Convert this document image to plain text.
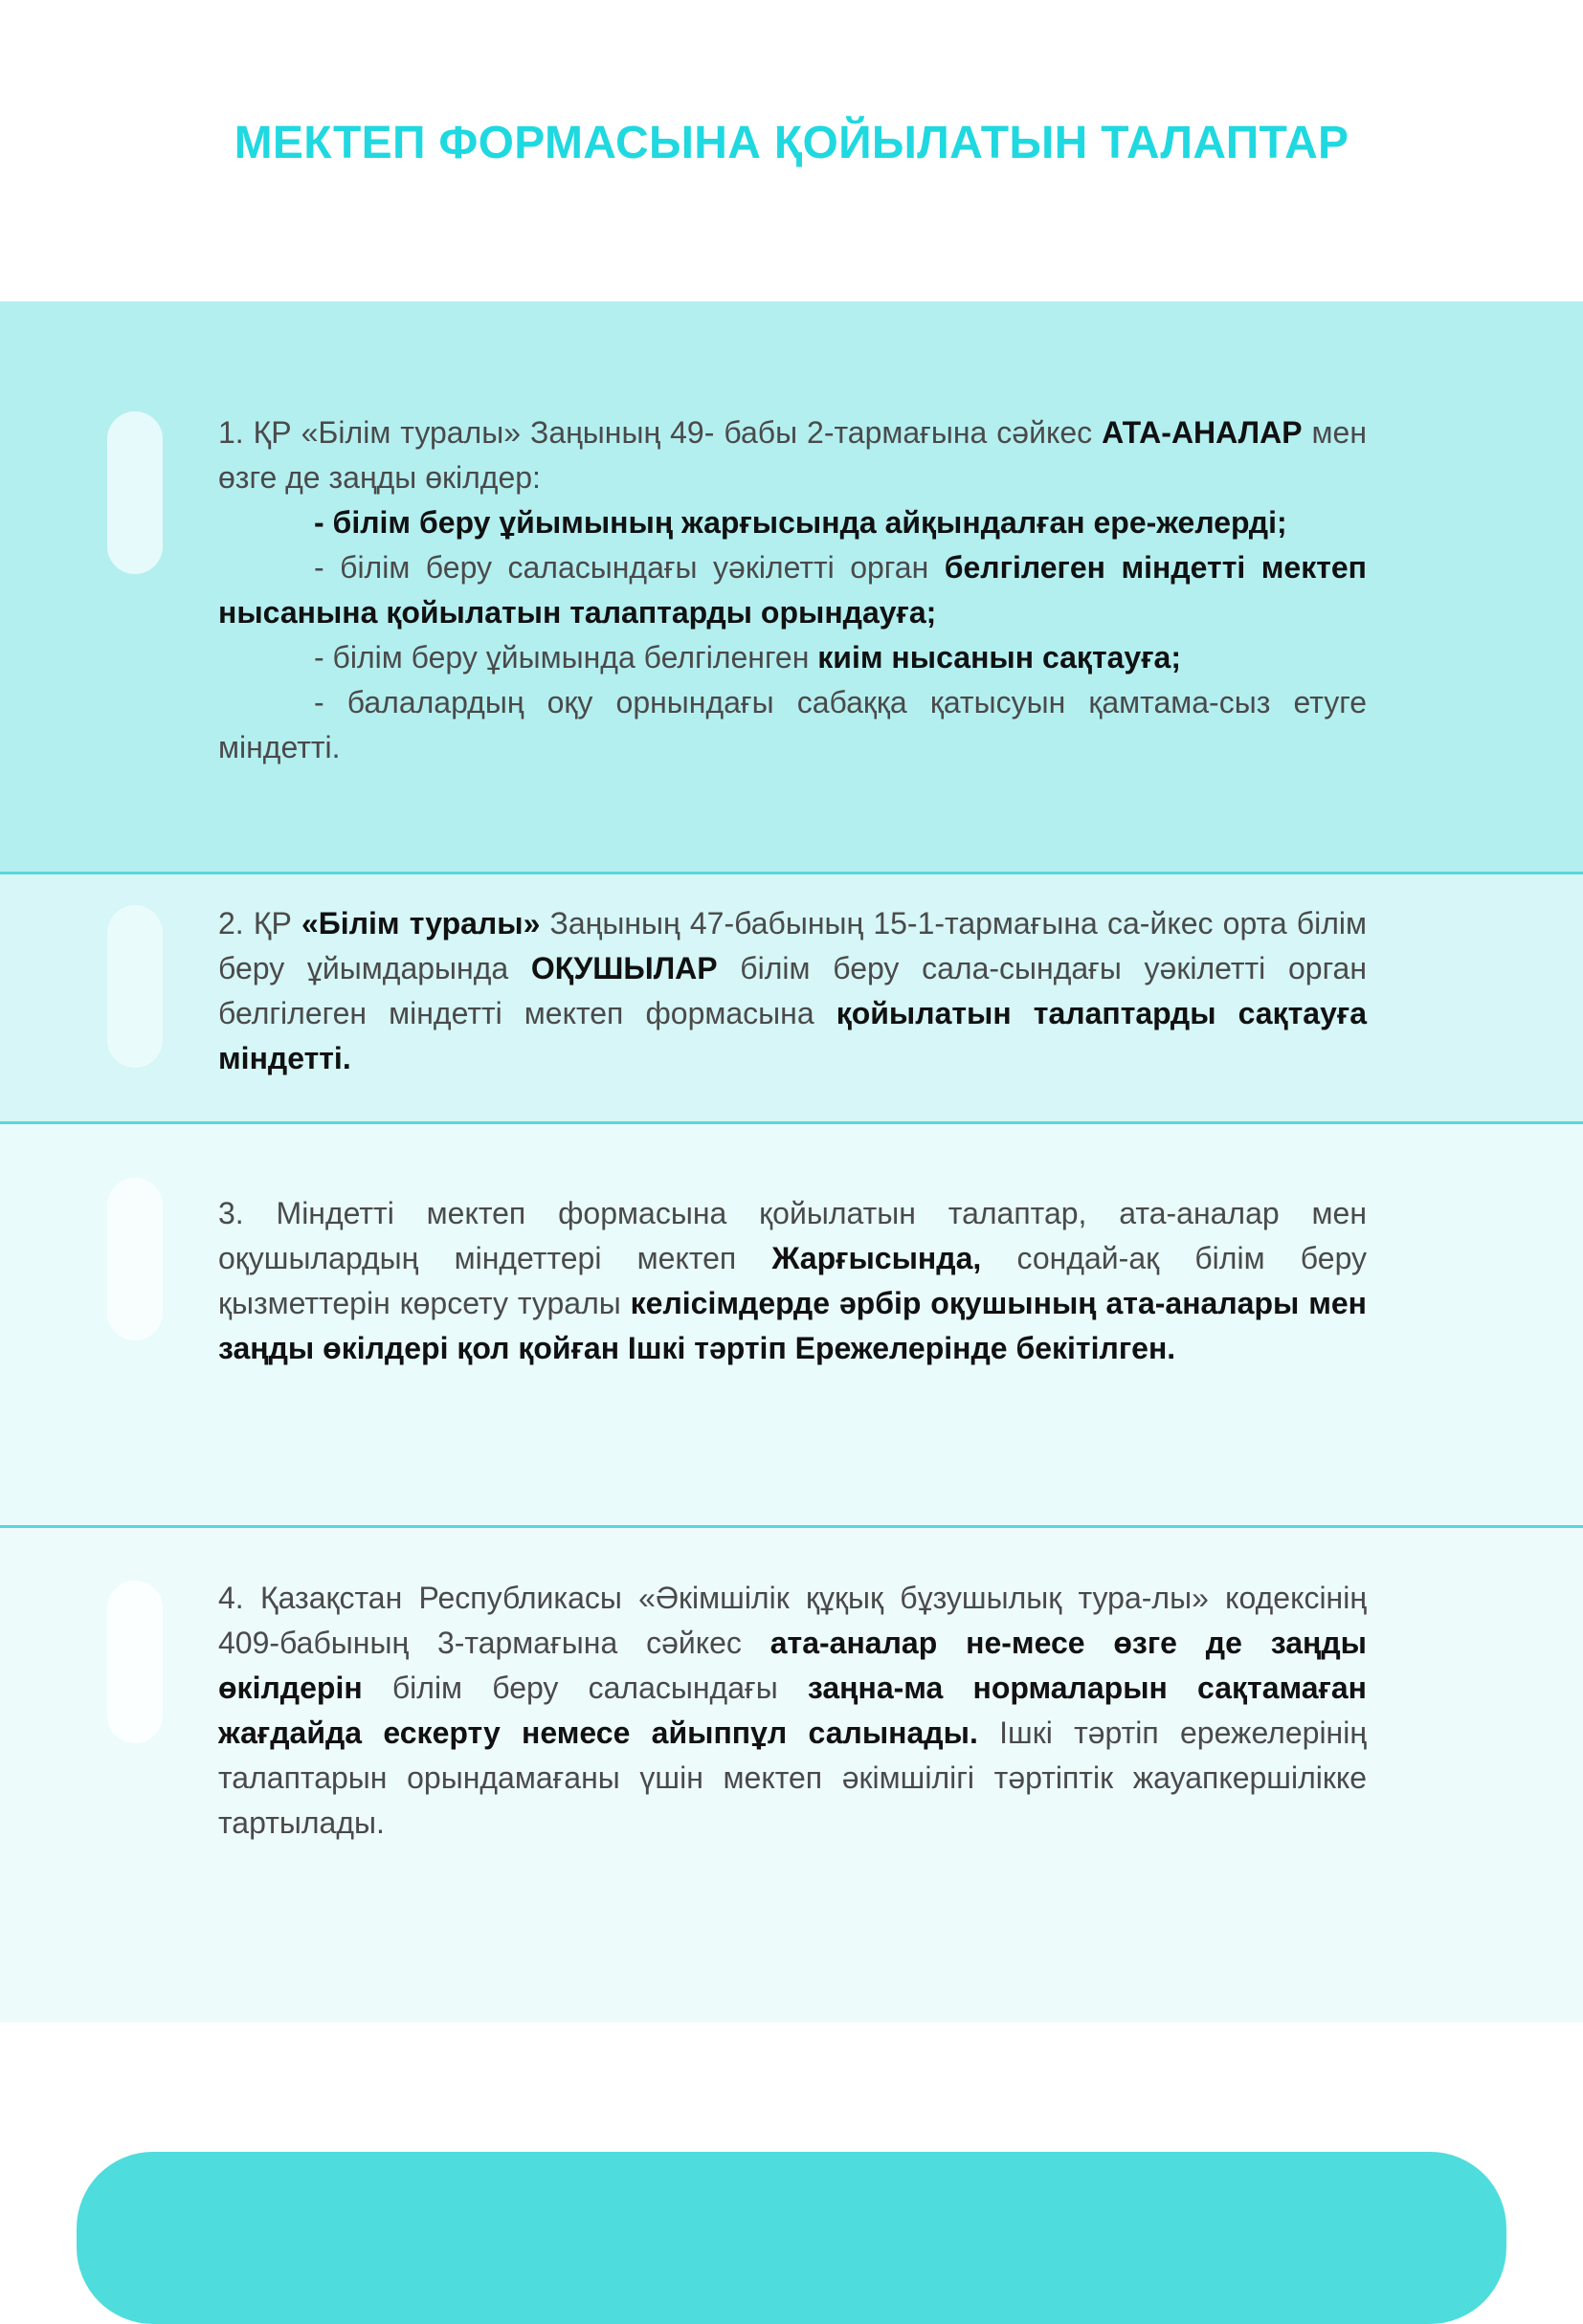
МЕКТЕП ФОРМАСЫНА ҚОЙЫЛАТЫН ТАЛАПТАР
1. ҚР «Білім туралы» Заңының 49- бабы 2-тармағына сәйкес АТА-АНАЛАР мен өзге де заңды өкілдер:
- білім беру ұйымының жарғысында айқындалған ере-желерді;
- білім беру саласындағы уәкілетті орган белгілеген міндетті мектеп нысанына қойылатын талаптарды орындауға;
- білім беру ұйымында белгіленген киім нысанын сақтауға;
- балалардың оқу орнындағы сабаққа қатысуын қамтама-сыз етуге міндетті.

2. ҚР «Білім туралы» Заңының 47-бабының 15-1-тармағына са-йкес орта білім беру ұйымдарында ОҚУШЫЛАР білім беру сала-сындағы уәкілетті орган белгілеген міндетті мектеп формасына қойылатын талаптарды сақтауға міндетті.

3. Міндетті мектеп формасына қойылатын талаптар, ата-аналар мен оқушылардың міндеттері мектеп Жарғысында, сондай-ақ білім беру қызметтерін көрсету туралы келісімдерде әрбір оқушының ата-аналары мен заңды өкілдері қол қойған Ішкі тәртіп Ережелерінде бекітілген.

4. Қазақстан Республикасы «Әкімшілік құқық бұзушылық тура-лы» кодексінің 409-бабының 3-тармағына сәйкес ата-аналар не-месе өзге де заңды өкілдерін білім беру саласындағы заңна-ма нормаларын сақтамаған жағдайда ескерту немесе айыппұл салынады. Ішкі тәртіп ережелерінің талаптарын орындамағаны үшін мектеп әкімшілігі тәртіптік жауапкершілікке тартылады.
